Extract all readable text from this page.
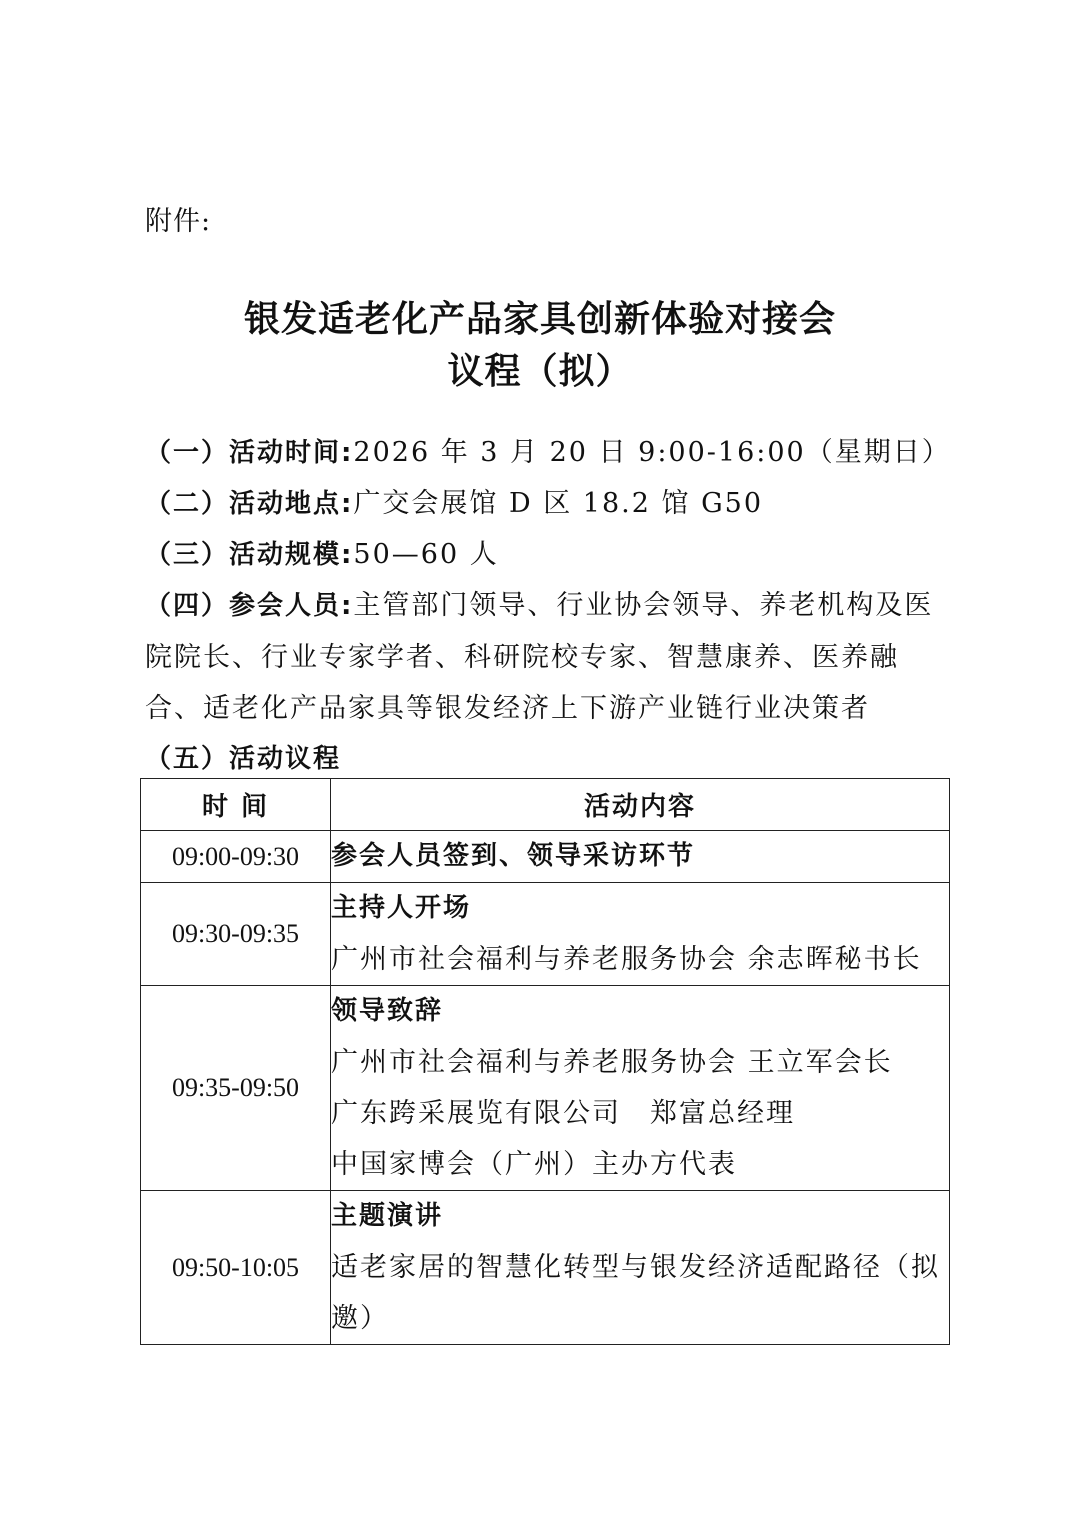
附件:
银发适老化产品家具创新体验对接会
议程（拟）
（一）活动时间:2026 年 3 月 20 日 9:00-16:00（星期日）
（二）活动地点:广交会展馆 D 区 18.2 馆 G50
（三）活动规模:50—60 人
（四）参会人员:主管部门领导、行业协会领导、养老机构及医院院长、行业专家学者、科研院校专家、智慧康养、医养融合、适老化产品家具等银发经济上下游产业链行业决策者
（五）活动议程
时 间	活动内容
09:00-09:30	参会人员签到、领导采访环节

09:30-09:35	主持人开场
广州市社会福利与养老服务协会 余志晖秘书长

09:35-09:50	领导致辞
广州市社会福利与养老服务协会 王立军会长
广东跨采展览有限公司　郑富总经理
中国家博会（广州）主办方代表

09:50-10:05	主题演讲
适老家居的智慧化转型与银发经济适配路径（拟邀）
